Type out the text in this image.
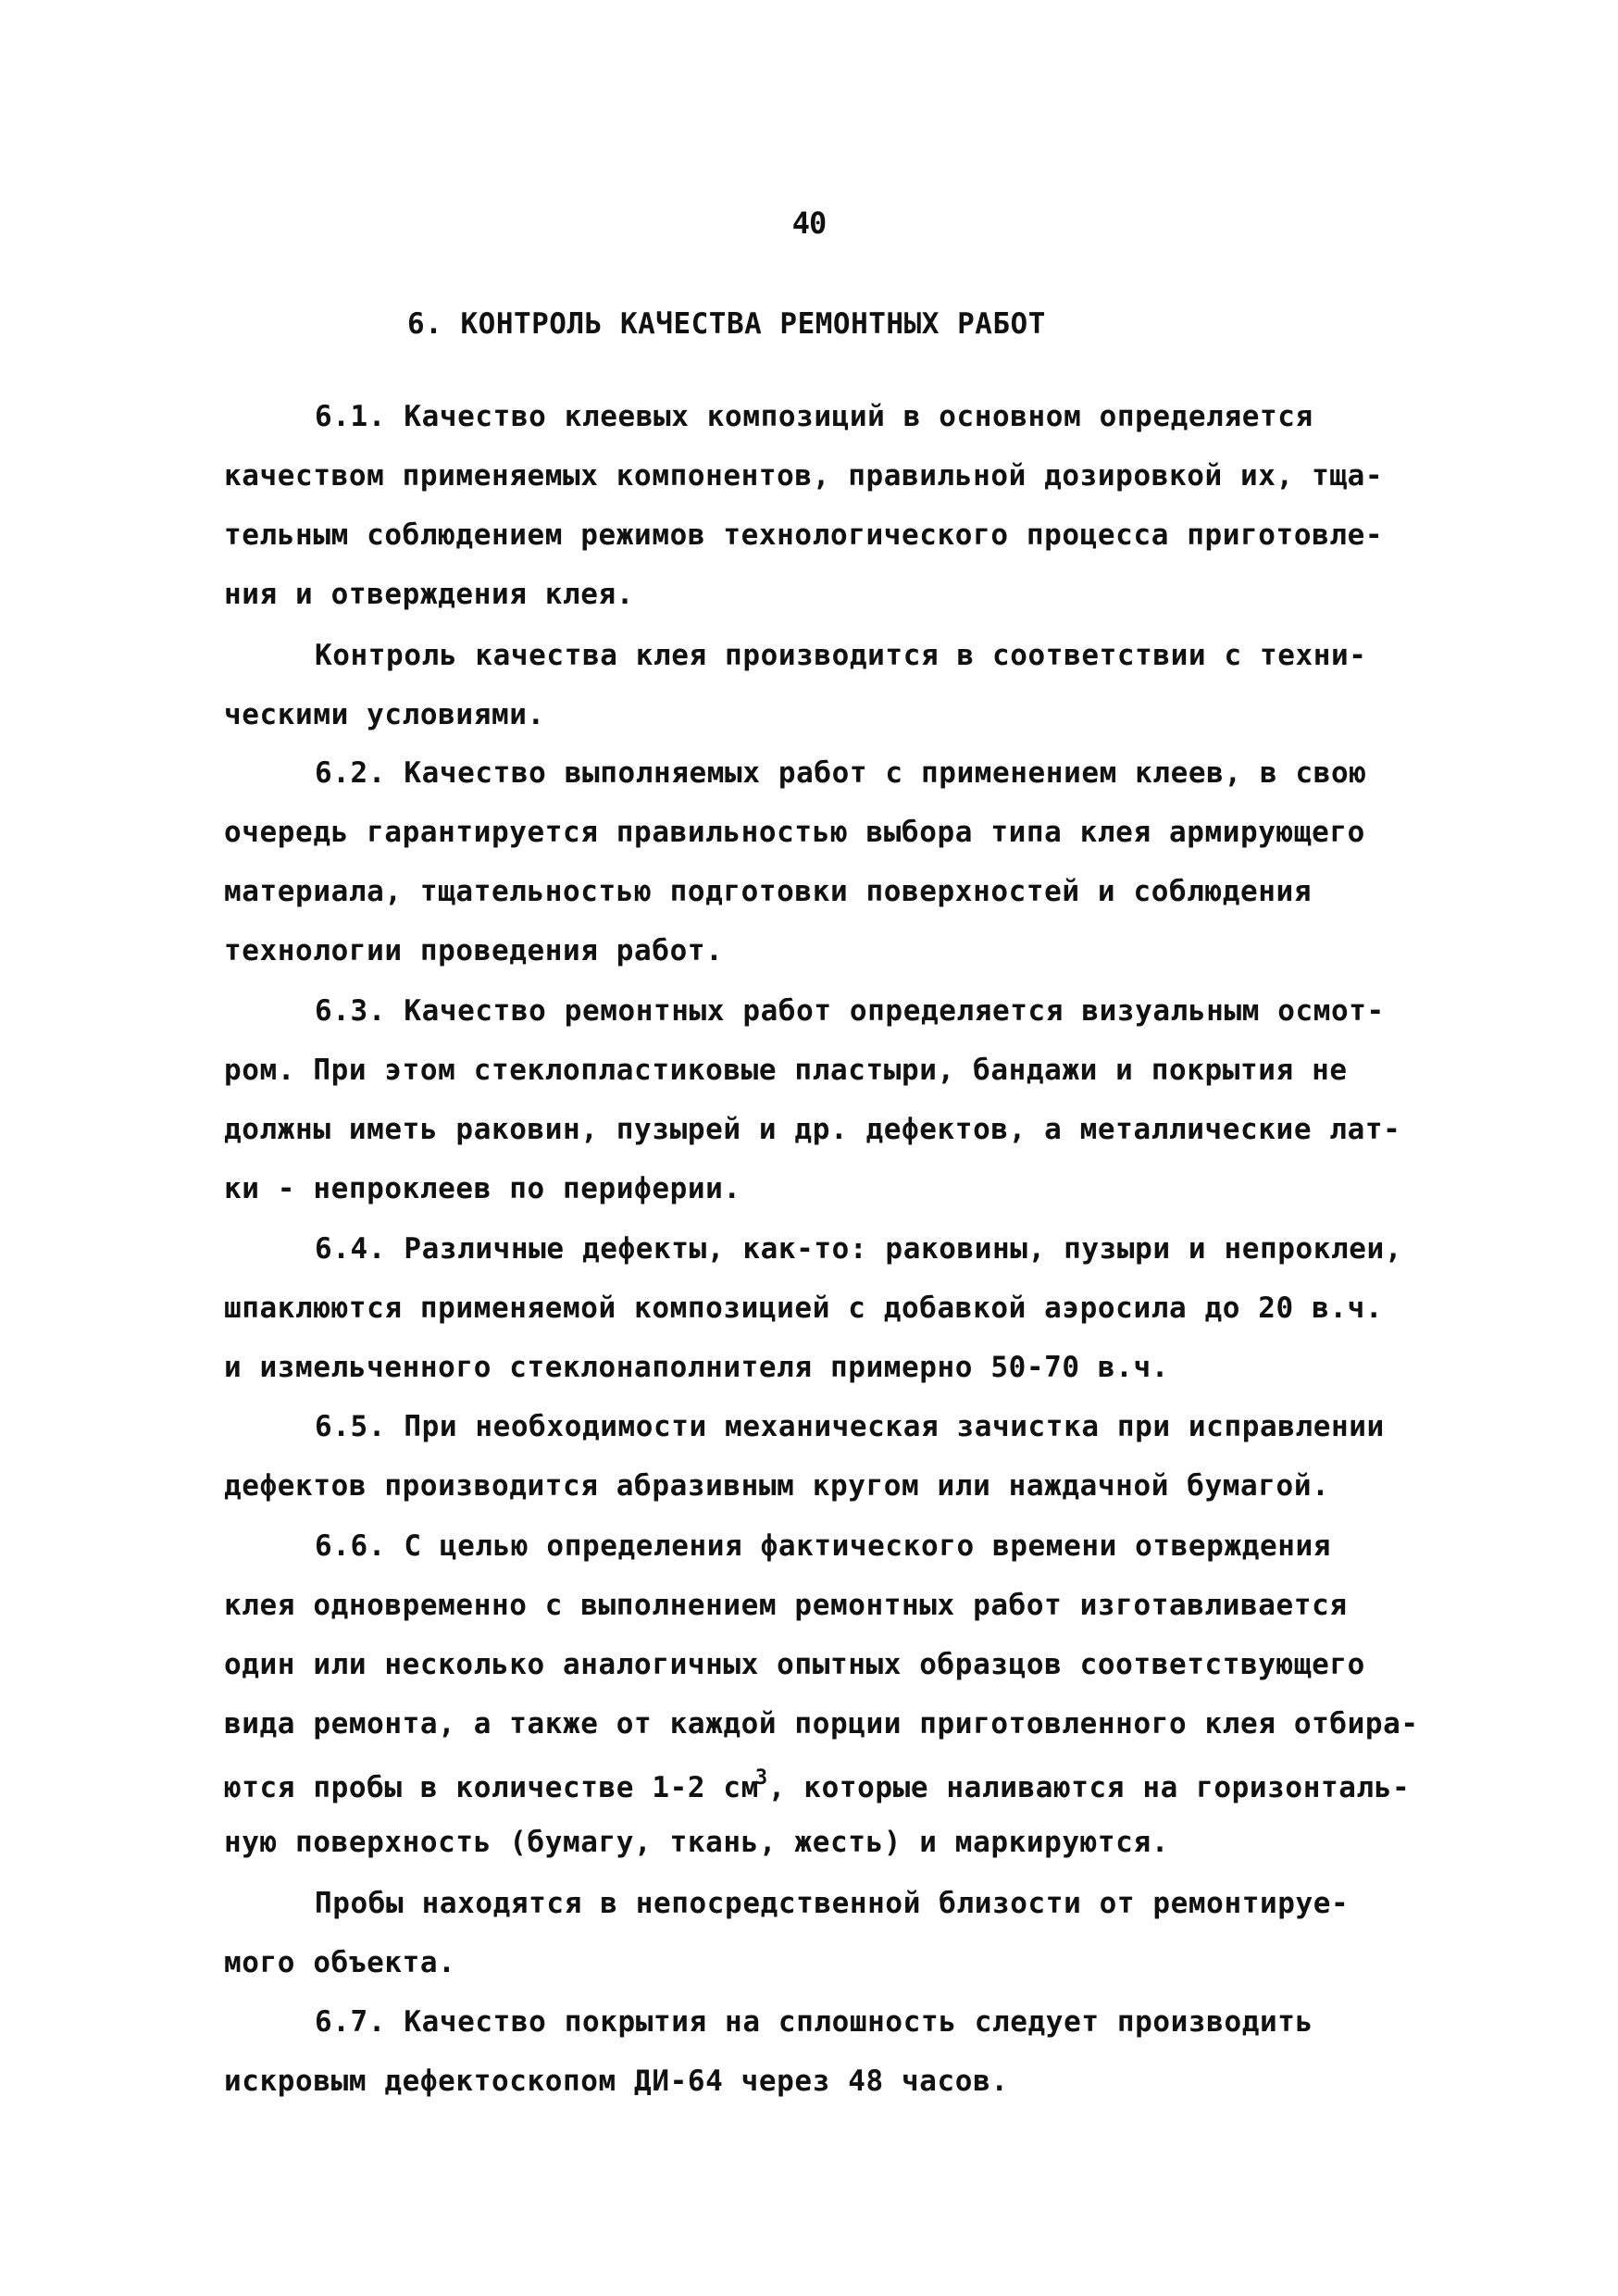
40
6. КОНТРОЛЬ КАЧЕСТВА РЕМОНТНЫХ РАБОТ
6.1. Качество клеевых композиций в основном определяется
качеством применяемых компонентов, правильной дозировкой их, тща-
тельным соблюдением режимов технологического процесса приготовле-
ния и отверждения клея.
Контроль качества клея производится в соответствии с техни-
ческими условиями.
6.2. Качество выполняемых работ с применением клеев, в свою
очередь гарантируется правильностью выбора типа клея армирующего
материала, тщательностью подготовки поверхностей и соблюдения
технологии проведения работ.
6.3. Качество ремонтных работ определяется визуальным осмот-
ром. При этом стеклопластиковые пластыри, бандажи и покрытия не
должны иметь раковин, пузырей и др. дефектов, а металлические лат-
ки - непроклеев по периферии.
6.4. Различные дефекты, как-то: раковины, пузыри и непроклеи,
шпаклюются применяемой композицией с добавкой аэросила до 20 в.ч.
и измельченного стеклонаполнителя примерно 50-70 в.ч.
6.5. При необходимости механическая зачистка при исправлении
дефектов производится абразивным кругом или наждачной бумагой.
6.6. С целью определения фактического времени отверждения
клея одновременно с выполнением ремонтных работ изготавливается
один или несколько аналогичных опытных образцов соответствующего
вида ремонта, а также от каждой порции приготовленного клея отбира-
ются пробы в количестве 1-2 $см^3$, которые наливаются на горизонталь-
ную поверхность (бумагу, ткань, жесть) и маркируются.
Пробы находятся в непосредственной близости от ремонтируе-
мого объекта.
6.7. Качество покрытия на сплошность следует производить
искровым дефектоскопом ДИ-64 через 48 часов.
